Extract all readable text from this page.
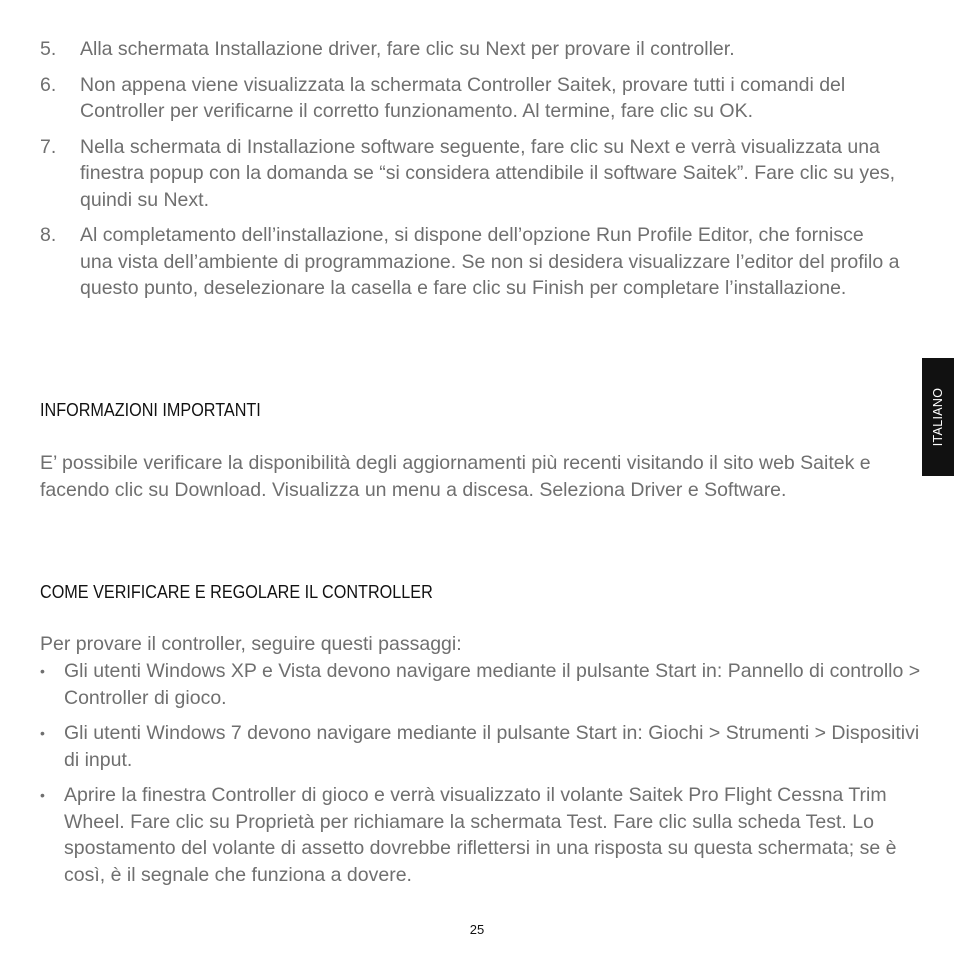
5. Alla schermata Installazione driver, fare clic su Next per provare il controller.
6. Non appena viene visualizzata la schermata Controller Saitek, provare tutti i comandi del Controller per verificarne il corretto funzionamento. Al termine, fare clic su OK.
7. Nella schermata di Installazione software seguente, fare clic su Next e verrà visualizzata una finestra popup con la domanda se “si considera attendibile il software Saitek”. Fare clic su yes, quindi su Next.
8. Al completamento dell’installazione, si dispone dell’opzione Run Profile Editor, che fornisce una vista dell’ambiente di programmazione. Se non si desidera visualizzare l’editor del profilo a questo punto, deselezionare la casella e fare clic su Finish per completare l’installazione.
INFORMAZIONI IMPORTANTI

E’ possibile verificare la disponibilità degli aggiornamenti più recenti visitando il sito web Saitek e facendo clic su Download. Visualizza un menu a discesa. Seleziona Driver e Software.

COME VERIFICARE E REGOLARE IL CONTROLLER

Per provare il controller, seguire questi passaggi:

• Gli utenti Windows XP e Vista devono navigare mediante il pulsante Start in: Pannello di controllo > Controller di gioco.
• Gli utenti Windows 7 devono navigare mediante il pulsante Start in: Giochi > Strumenti > Dispositivi di input.
• Aprire la finestra Controller di gioco e verrà visualizzato il volante Saitek Pro Flight Cessna Trim Wheel. Fare clic su Proprietà per richiamare la schermata Test. Fare clic sulla scheda Test. Lo spostamento del volante di assetto dovrebbe riflettersi in una risposta su questa schermata; se è così, è il segnale che funziona a dovere.
ITALIANO
25
